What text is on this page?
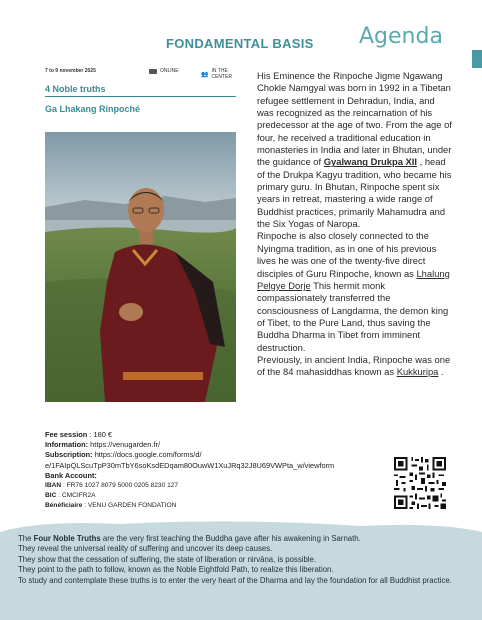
FONDAMENTAL BASIS Agenda
7 to 9 november 2025	ONLINE
👥
IN THE CENTER
4 Noble truths
Ga Lhakang Rinpoché

His Eminence the Rinpoche Jigme Ngawang Chokle Namgyal was born in 1992 in a Tibetan refugee settlement in Dehradun, India, and was recognized as the reincarnation of his predecessor at the age of two. From the age of four, he received a traditional education in monasteries in India and later in Bhutan, under the guidance of Gyalwang Drukpa XII , head of the Drukpa Kagyu tradition, who became his primary guru. In Bhutan, Rinpoche spent six years in retreat, mastering a wide range of Buddhist practices, primarily Mahamudra and the Six Yogas of Naropa.

Rinpoche is also closely connected to the Nyingma tradition, as in one of his previous lives he was one of the twenty-five direct disciples of Guru Rinpoche, known as Lhalung Pelgye Dorje This hermit monk compassionately transferred the consciousness of Langdarma, the demon king of Tibet, to the Pure Land, thus saving the Buddha Dharma in Tibet from imminent destruction.

Previously, in ancient India, Rinpoche was one of the 84 mahasiddhas known as Kukkuripa .

Fee session : 180 €
Information: https://venugarden.fr/
Subscription: https://docs.google.com/forms/d/
e/1FAIpQLScuTpP30mTbY6soKsdEDqam80OuwW1XuJRq32J8U69VWPta_w/viewform
Bank Account:
IBAN : FR76 1027 8079 5000 0205 8230 127
BIC : CMCIFR2A
Bénéficiaire : VENU GARDEN FONDATION

The Four Noble Truths are the very first teaching the Buddha gave after his awakening in Sarnath.

They reveal the universal reality of suffering and uncover its deep causes.

They show that the cessation of suffering, the state of liberation or nirvāṇa, is possible.

They point to the path to follow, known as the Noble Eightfold Path, to realize this liberation.

To study and contemplate these truths is to enter the very heart of the Dharma and lay the foundation for all Buddhist practice.
